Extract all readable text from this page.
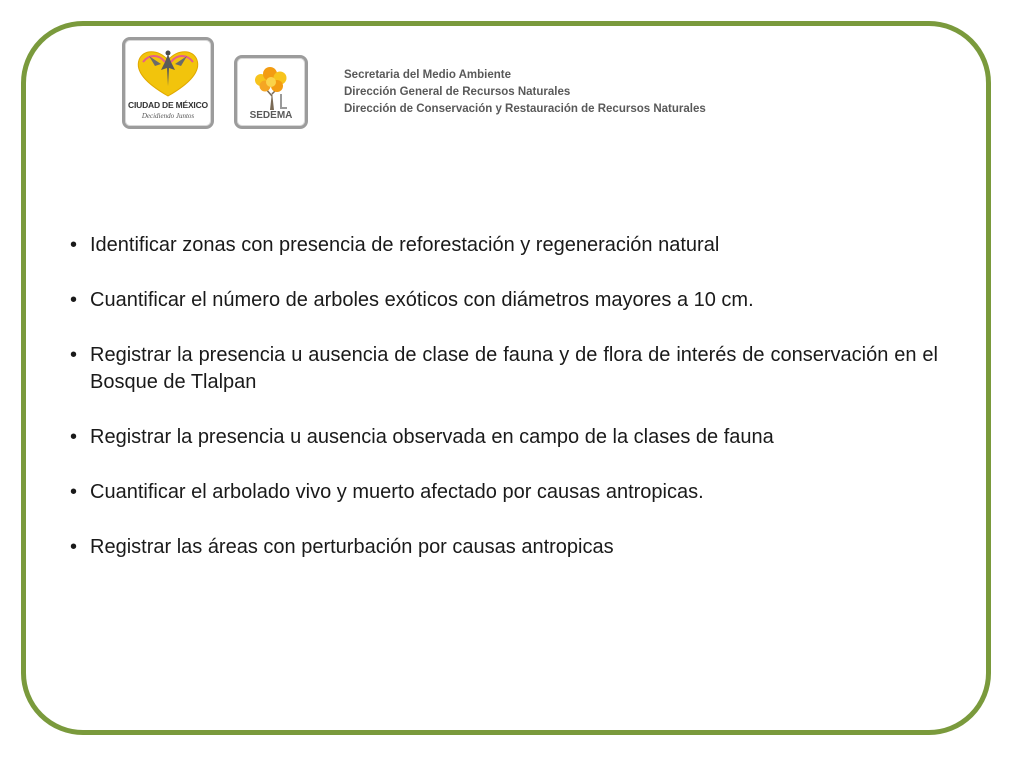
CIUDAD DE MÉXICO
Decidiendo Juntos	SEDEMA
Secretaria del Medio Ambiente
Dirección General de Recursos Naturales
Dirección de Conservación y Restauración de Recursos Naturales
• Identificar zonas con presencia de reforestación y regeneración natural
• Cuantificar el número de arboles exóticos con diámetros mayores a 10 cm.
• Registrar la presencia u ausencia de clase de fauna y de flora de interés de conservación en el Bosque de Tlalpan
• Registrar la presencia u ausencia observada en campo de la clases de fauna
• Cuantificar el arbolado vivo y muerto afectado por causas antropicas.
• Registrar las áreas con perturbación por causas antropicas
